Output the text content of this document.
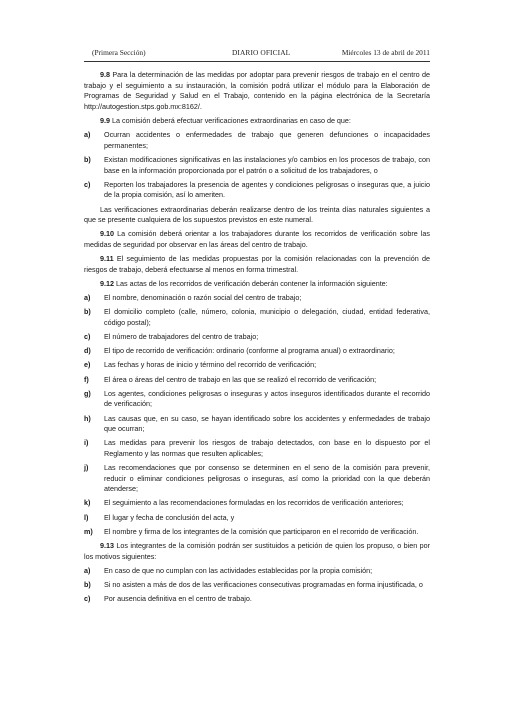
(Primera Sección)	DIARIO OFICIAL	Miércoles 13 de abril de 2011

9.8 Para la determinación de las medidas por adoptar para prevenir riesgos de trabajo en el centro de trabajo y el seguimiento a su instauración, la comisión podrá utilizar el módulo para la Elaboración de Programas de Seguridad y Salud en el Trabajo, contenido en la página electrónica de la Secretaría http://autogestion.stps.gob.mx:8162/.

9.9 La comisión deberá efectuar verificaciones extraordinarias en caso de que:

a) Ocurran accidentes o enfermedades de trabajo que generen defunciones o incapacidades permanentes;
b) Existan modificaciones significativas en las instalaciones y/o cambios en los procesos de trabajo, con base en la información proporcionada por el patrón o a solicitud de los trabajadores, o
c) Reporten los trabajadores la presencia de agentes y condiciones peligrosas o inseguras que, a juicio de la propia comisión, así lo ameriten.

Las verificaciones extraordinarias deberán realizarse dentro de los treinta días naturales siguientes a que se presente cualquiera de los supuestos previstos en este numeral.

9.10 La comisión deberá orientar a los trabajadores durante los recorridos de verificación sobre las medidas de seguridad por observar en las áreas del centro de trabajo.

9.11 El seguimiento de las medidas propuestas por la comisión relacionadas con la prevención de riesgos de trabajo, deberá efectuarse al menos en forma trimestral.

9.12 Las actas de los recorridos de verificación deberán contener la información siguiente:

a) El nombre, denominación o razón social del centro de trabajo;
b) El domicilio completo (calle, número, colonia, municipio o delegación, ciudad, entidad federativa, código postal);
c) El número de trabajadores del centro de trabajo;
d) El tipo de recorrido de verificación: ordinario (conforme al programa anual) o extraordinario;
e) Las fechas y horas de inicio y término del recorrido de verificación;
f) El área o áreas del centro de trabajo en las que se realizó el recorrido de verificación;
g) Los agentes, condiciones peligrosas o inseguras y actos inseguros identificados durante el recorrido de verificación;
h) Las causas que, en su caso, se hayan identificado sobre los accidentes y enfermedades de trabajo que ocurran;
i) Las medidas para prevenir los riesgos de trabajo detectados, con base en lo dispuesto por el Reglamento y las normas que resulten aplicables;
j) Las recomendaciones que por consenso se determinen en el seno de la comisión para prevenir, reducir o eliminar condiciones peligrosas o inseguras, así como la prioridad con la que deberán atenderse;
k) El seguimiento a las recomendaciones formuladas en los recorridos de verificación anteriores;
l) El lugar y fecha de conclusión del acta, y
m) El nombre y firma de los integrantes de la comisión que participaron en el recorrido de verificación.

9.13 Los integrantes de la comisión podrán ser sustituidos a petición de quien los propuso, o bien por los motivos siguientes:

a) En caso de que no cumplan con las actividades establecidas por la propia comisión;
b) Si no asisten a más de dos de las verificaciones consecutivas programadas en forma injustificada, o
c) Por ausencia definitiva en el centro de trabajo.
